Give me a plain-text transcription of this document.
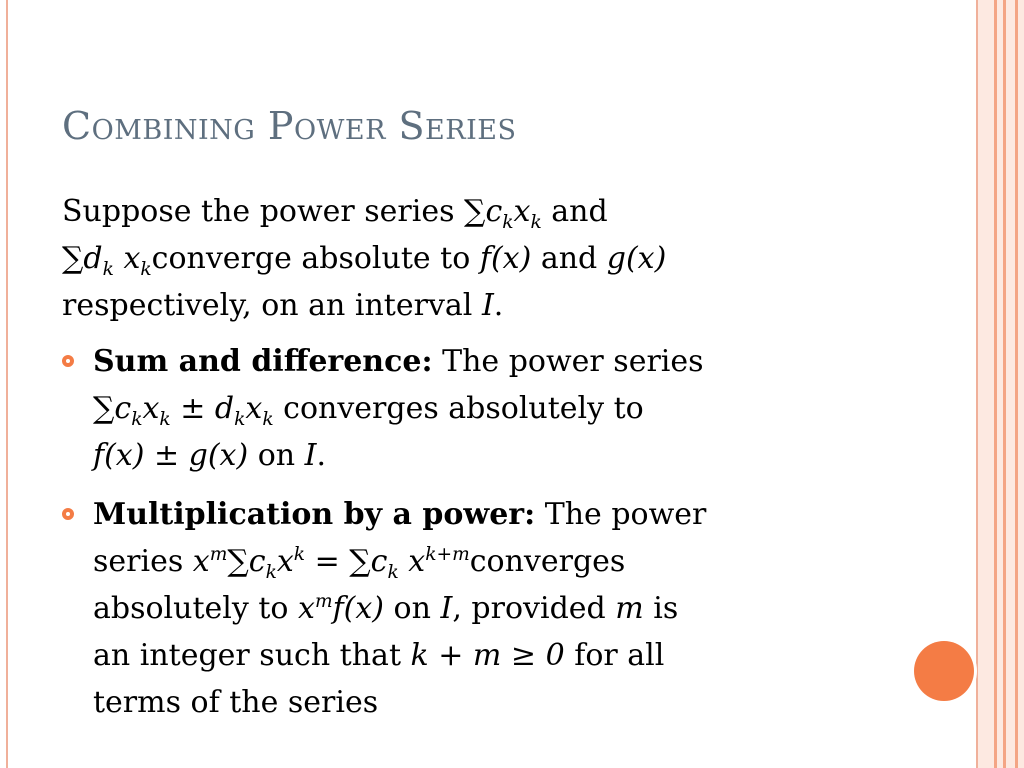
Combining Power Series
Suppose the power series $\sum c_kx_k$ and
$\sum d_k$ $x_kconverge$ absolute to f(x) and g(x)
respectively, on an interval I.
Sum and difference: The power series
$\sum c_kx_k \pm d_kx_k$ converges absolutely to
f(x) ± g(x) on I.
Multiplication by a power: The power
series $x^m\sum c_kx^k = \sum c_k$ $x^{k+m}converges$
absolutely to $x^mf(x)$ on I, provided m is
an integer such that k + m ≥ 0 for all
terms of the series
